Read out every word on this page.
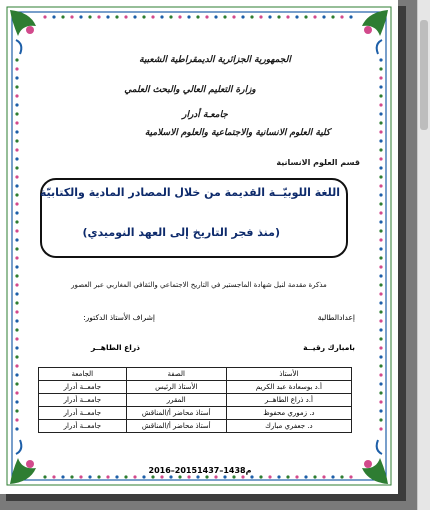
الجمهورية الجزائرية الديمقراطية الشعبية
وزارة التعليم العالي والبحث العلمي
جامعـة أدرار
كلية العلوم الانسانية والاجتماعية والعلوم الاسلامية
قسم العلوم الانسانية
اللغة اللوبيّــة القديمة من خلال المصادر المادية والكتابيّة
(منذ فجر التاريخ إلى العهد النوميدي)
مذكرة مقدمة لنيل شهادة الماجستير في التاريخ الاجتماعي والثقافي المغاربي عبر العصور
إعدادالطالبة
إشراف الأستاذ الدكتور:
بامبارك رقيــة
ذراع الطاهــر
الأستاذ	الصفة	الجامعة
أ.د بوسعادة عبد الكريم	الأستاذ الرئيس	جامعــة أدرار
أ.د ذراع الطاهــر	المقرر	جامعــة أدرار
د. زموري محفوظ	أستاذ محاضر أ/المناقش	جامعــة أدرار
د. جعفري مبارك	أستاذ محاضر أ/المناقش	جامعــة أدرار
2016–2015م1438–1437
